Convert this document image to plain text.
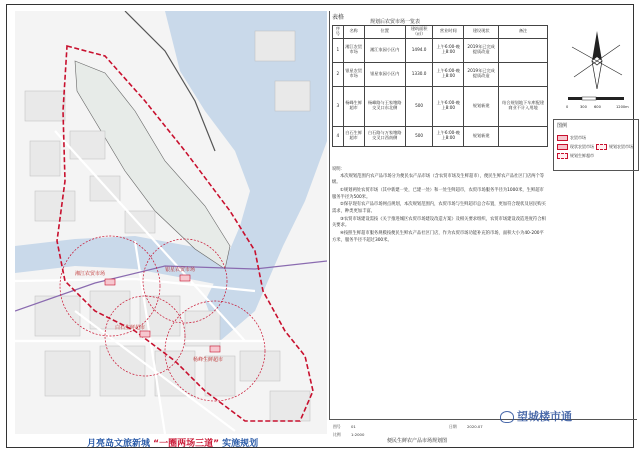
湘江农贸市场
银星农贸市场
杨峰生鲜超市
白石生鲜超市
表格
规划后农贸市场一览表
序号	名称	位置	建筑面积（㎡）	营业时间	建设现状	备注
1	湘江农贸市场	湘江家园小区内	1494.0	上午6:00-晚上8:00	2019年已完成提质改造	
2	银星农贸市场	银星家园小区内	1330.0	上午6:00-晚上8:00	2019年已完成提质改造	
3	杨峰生鲜超市	杨峰路与王家塘路交叉口东北侧	500	上午6:00-晚上8:00	规划新建	结合规划地下车库配建商业不计入用地
4	白石生鲜超市	白石路与万家塘路交叉口西南侧	500	上午6:00-晚上8:00	规划新建	
说明：

本次规划范围内农产品市场分为便民农产品市场（含农贸市场及生鲜超市），便民生鲜农产品社区门店两个等级。

①规划两处农贸市场（其中新建一处，已建一处）和一处生鲜超市，农贸市场服务半径为1000米，生鲜超市服务半径为500米。

②保存现有农产品市场网点规划，本次规划范围内，农贸市场与生鲜超市总合布置，更加符合现状及居民购买需求，种类更加丰富。

③农贸市场建设需按《关于推进城区农贸市场建设改造方案》及相关要求组织，农贸市场建设改造进度符合相关要求。

④按照生鲜超市服务规模按便民生鲜农产品社区门店，作为农贸市场功能补充的市场，面积大小为40-200平方米，服务半径不超过300米。

0	300 600	1200m
图例
农贸市场
现状农贸市场	规划农贸市场
规划生鲜超市
月亮岛文旅新城 “一圈两场三道” 实施规划
图号	01
比例	1:2000
日期	2020.07
便民生鲜农产品市场规划图
望城楼市通
